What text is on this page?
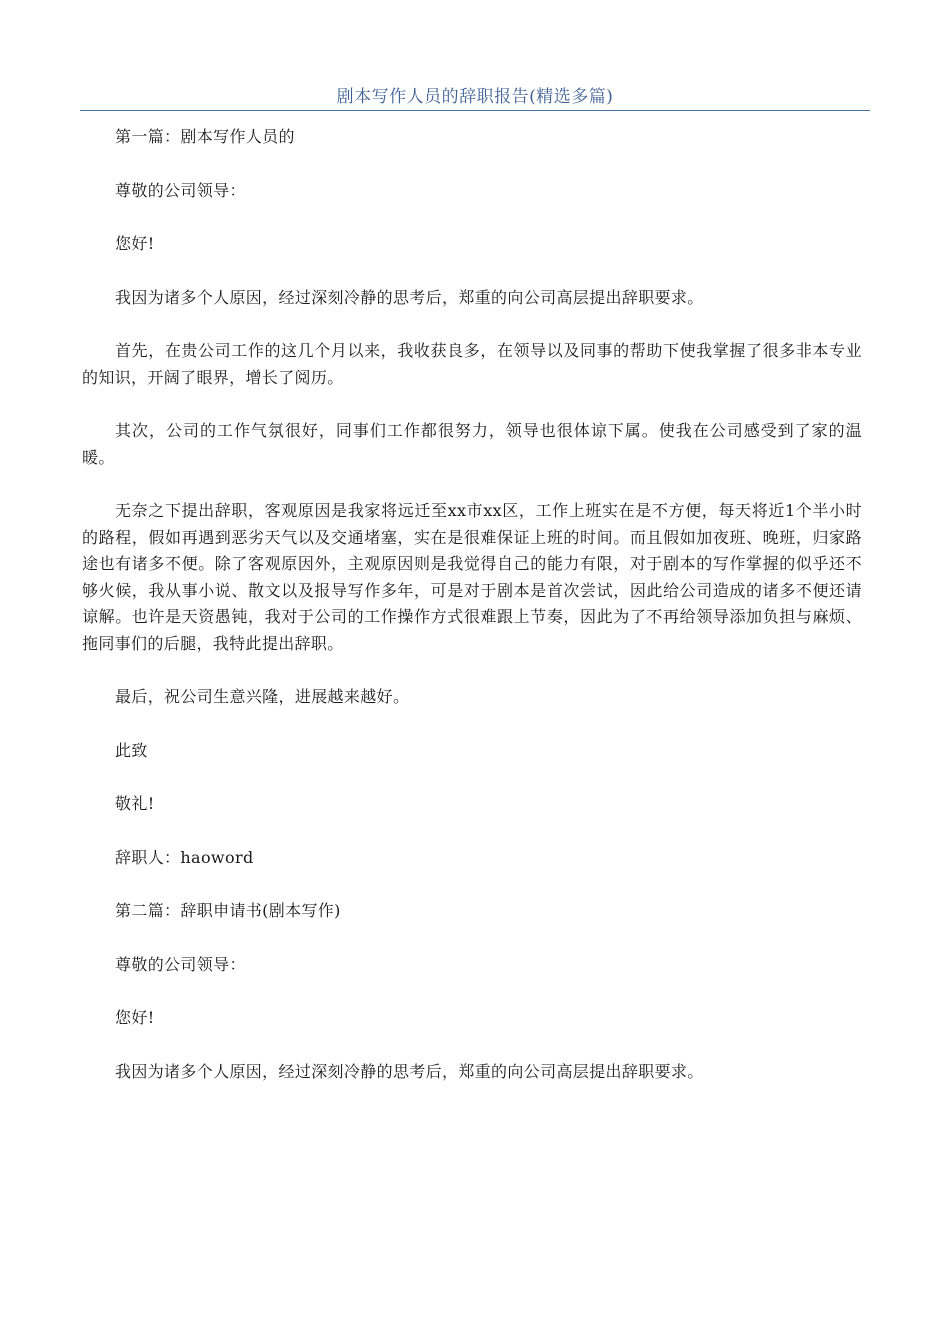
剧本写作人员的辞职报告(精选多篇)

第一篇：剧本写作人员的

尊敬的公司领导：

您好!

我因为诸多个人原因，经过深刻冷静的思考后，郑重的向公司高层提出辞职要求。

首先，在贵公司工作的这几个月以来，我收获良多，在领导以及同事的帮助下使我掌握了很多非本专业的知识，开阔了眼界，增长了阅历。

其次，公司的工作气氛很好，同事们工作都很努力，领导也很体谅下属。使我在公司感受到了家的温暖。

无奈之下提出辞职，客观原因是我家将远迁至xx市xx区，工作上班实在是不方便，每天将近1个半小时的路程，假如再遇到恶劣天气以及交通堵塞，实在是很难保证上班的时间。而且假如加夜班、晚班，归家路途也有诸多不便。除了客观原因外，主观原因则是我觉得自己的能力有限，对于剧本的写作掌握的似乎还不够火候，我从事小说、散文以及报导写作多年，可是对于剧本是首次尝试，因此给公司造成的诸多不便还请谅解。也许是天资愚钝，我对于公司的工作操作方式很难跟上节奏，因此为了不再给领导添加负担与麻烦、拖同事们的后腿，我特此提出辞职。

最后，祝公司生意兴隆，进展越来越好。

此致

敬礼!

辞职人：haoword

第二篇：辞职申请书(剧本写作)

尊敬的公司领导：

您好!

我因为诸多个人原因，经过深刻冷静的思考后，郑重的向公司高层提出辞职要求。
